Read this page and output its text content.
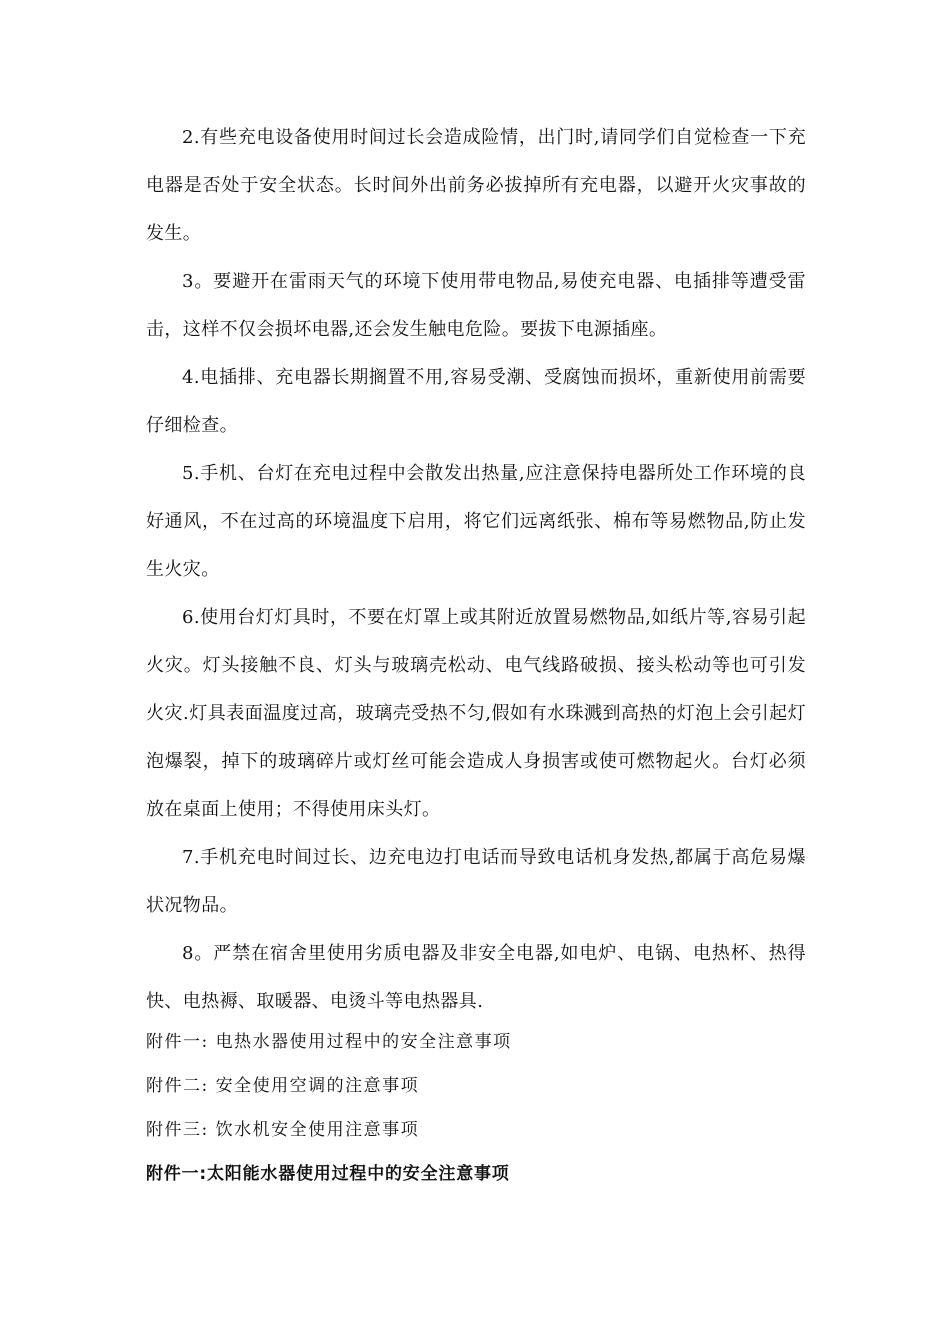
2.有些充电设备使用时间过长会造成险情，出门时,请同学们自觉检查一下充电器是否处于安全状态。长时间外出前务必拔掉所有充电器，以避开火灾事故的发生。

3。要避开在雷雨天气的环境下使用带电物品,易使充电器、电插排等遭受雷击，这样不仅会损坏电器,还会发生触电危险。要拔下电源插座。

4.电插排、充电器长期搁置不用,容易受潮、受腐蚀而损坏，重新使用前需要仔细检查。

5.手机、台灯在充电过程中会散发出热量,应注意保持电器所处工作环境的良好通风，不在过高的环境温度下启用，将它们远离纸张、棉布等易燃物品,防止发生火灾。

6.使用台灯灯具时，不要在灯罩上或其附近放置易燃物品,如纸片等,容易引起火灾。灯头接触不良、灯头与玻璃壳松动、电气线路破损、接头松动等也可引发火灾.灯具表面温度过高，玻璃壳受热不匀,假如有水珠溅到高热的灯泡上会引起灯泡爆裂，掉下的玻璃碎片或灯丝可能会造成人身损害或使可燃物起火。台灯必须放在桌面上使用；不得使用床头灯。

7.手机充电时间过长、边充电边打电话而导致电话机身发热,都属于高危易爆状况物品。

8。严禁在宿舍里使用劣质电器及非安全电器,如电炉、电锅、电热杯、热得快、电热褥、取暖器、电烫斗等电热器具.

附件一: 电热水器使用过程中的安全注意事项

附件二: 安全使用空调的注意事项

附件三: 饮水机安全使用注意事项

附件一:太阳能水器使用过程中的安全注意事项
